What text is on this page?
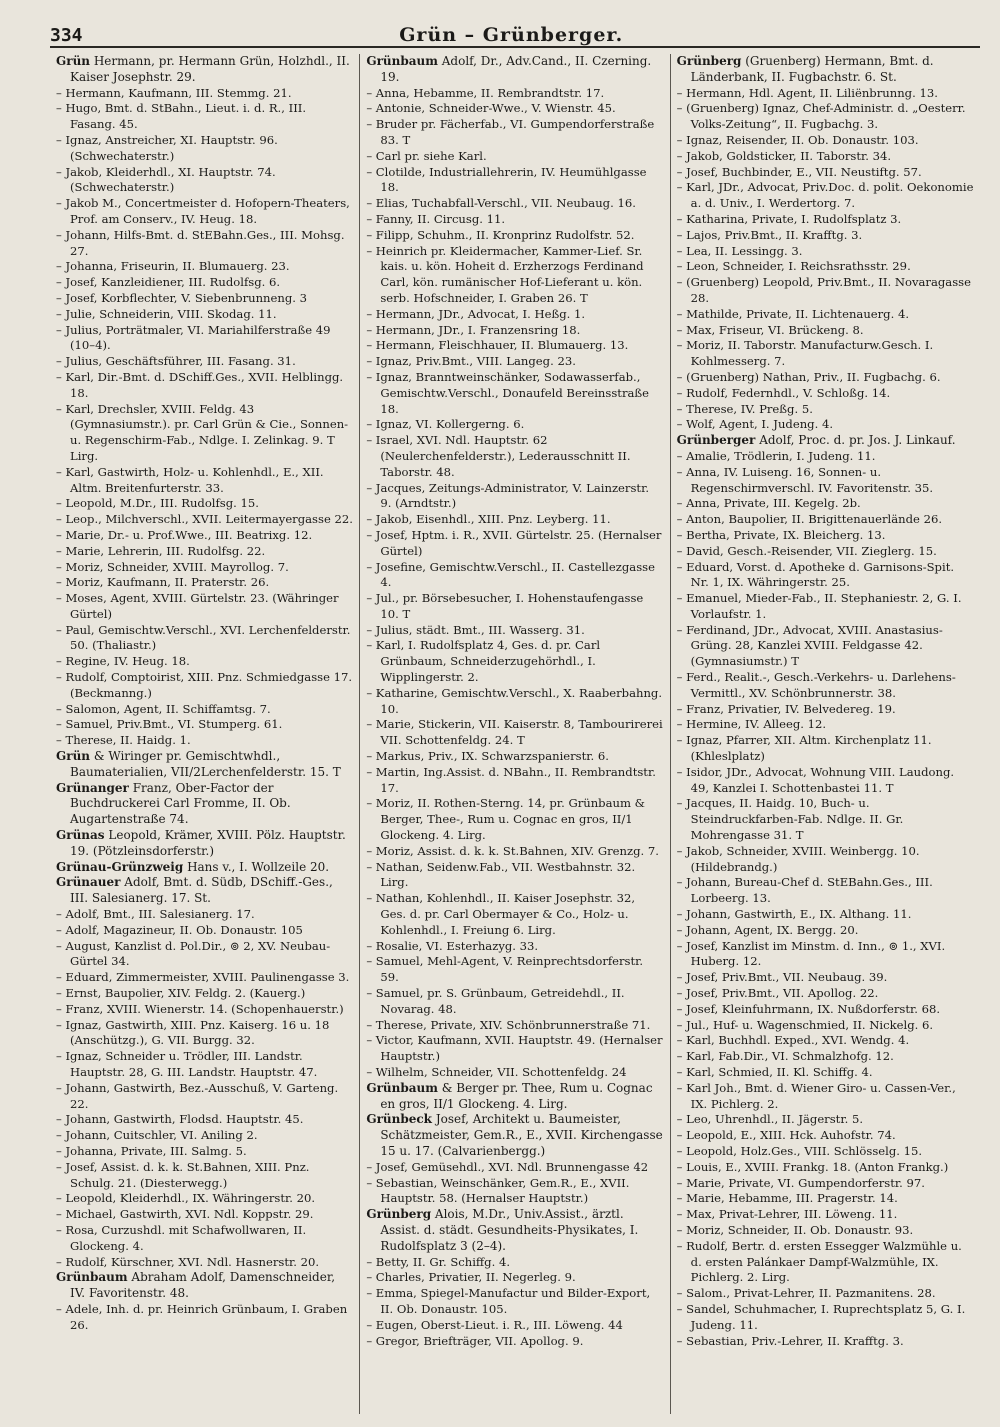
334	Grün – Grünberger.
Grün Hermann, pr. Hermann Grün, Holzhdl., II. Kaiser Josephstr. 29.
– Hermann, Kaufmann, III. Stemmg. 21.
– Hugo, Bmt. d. StBahn., Lieut. i. d. R., III. Fasang. 45.
– Ignaz, Anstreicher, XI. Hauptstr. 96. (Schwechaterstr.)
– Jakob, Kleiderhdl., XI. Hauptstr. 74. (Schwechaterstr.)
– Jakob M., Concertmeister d. Hofopern-Theaters, Prof. am Conserv., IV. Heug. 18.
– Johann, Hilfs-Bmt. d. StEBahn.Ges., III. Mohsg. 27.
– Johanna, Friseurin, II. Blumauerg. 23.
– Josef, Kanzleidiener, III. Rudolfsg. 6.
– Josef, Korbflechter, V. Siebenbrunneng. 3
– Julie, Schneiderin, VIII. Skodag. 11.
– Julius, Porträtmaler, VI. Mariahilferstraße 49 (10–4).
– Julius, Geschäftsführer, III. Fasang. 31.
– Karl, Dir.-Bmt. d. DSchiff.Ges., XVII. Helblingg. 18.
– Karl, Drechsler, XVIII. Feldg. 43 (Gymnasiumstr.). pr. Carl Grün & Cie., Sonnen- u. Regenschirm-Fab., Ndlge. I. Zelinkag. 9. T Lirg.
– Karl, Gastwirth, Holz- u. Kohlenhdl., E., XII. Altm. Breitenfurterstr. 33.
– Leopold, M.Dr., III. Rudolfsg. 15.
– Leop., Milchverschl., XVII. Leitermayergasse 22.
– Marie, Dr.- u. Prof.Wwe., III. Beatrixg. 12.
– Marie, Lehrerin, III. Rudolfsg. 22.
– Moriz, Schneider, XVIII. Mayrollog. 7.
– Moriz, Kaufmann, II. Praterstr. 26.
– Moses, Agent, XVIII. Gürtelstr. 23. (Währinger Gürtel)
– Paul, Gemischtw.Verschl., XVI. Lerchenfelderstr. 50. (Thaliastr.)
– Regine, IV. Heug. 18.
– Rudolf, Comptoirist, XIII. Pnz. Schmiedgasse 17. (Beckmanng.)
– Salomon, Agent, II. Schiffamtsg. 7.
– Samuel, Priv.Bmt., VI. Stumperg. 61.
– Therese, II. Haidg. 1.
Grün & Wiringer pr. Gemischtwhdl., Baumaterialien, VII/2Lerchenfelderstr. 15. T
Grünanger Franz, Ober-Factor der Buchdruckerei Carl Fromme, II. Ob. Augartenstraße 74.
Grünas Leopold, Krämer, XVIII. Pölz. Hauptstr. 19. (Pötzleinsdorferstr.)
Grünau-Grünzweig Hans v., I. Wollzeile 20.
Grünauer Adolf, Bmt. d. Südb, DSchiff.-Ges., III. Salesianerg. 17. St.
– Adolf, Bmt., III. Salesianerg. 17.
– Adolf, Magazineur, II. Ob. Donaustr. 105
– August, Kanzlist d. Pol.Dir., ⊚ 2, XV. Neubau-Gürtel 34.
– Eduard, Zimmermeister, XVIII. Paulinengasse 3.
– Ernst, Baupolier, XIV. Feldg. 2. (Kauerg.)
– Franz, XVIII. Wienerstr. 14. (Schopenhauerstr.)
– Ignaz, Gastwirth, XIII. Pnz. Kaiserg. 16 u. 18 (Anschützg.), G. VII. Burgg. 32.
– Ignaz, Schneider u. Trödler, III. Landstr. Hauptstr. 28, G. III. Landstr. Hauptstr. 47.
– Johann, Gastwirth, Bez.-Ausschuß, V. Garteng. 22.
– Johann, Gastwirth, Flodsd. Hauptstr. 45.
– Johann, Cuitschler, VI. Aniling 2.
– Johanna, Private, III. Salmg. 5.
– Josef, Assist. d. k. k. St.Bahnen, XIII. Pnz. Schulg. 21. (Diesterwegg.)
– Leopold, Kleiderhdl., IX. Währingerstr. 20.
– Michael, Gastwirth, XVI. Ndl. Koppstr. 29.
– Rosa, Curzushdl. mit Schafwollwaren, II. Glockeng. 4.
– Rudolf, Kürschner, XVI. Ndl. Hasnerstr. 20.
Grünbaum Abraham Adolf, Damenschneider, IV. Favoritenstr. 48.
– Adele, Inh. d. pr. Heinrich Grünbaum, I. Graben 26.
Grünbaum Adolf, Dr., Adv.Cand., II. Czerning. 19.
– Anna, Hebamme, II. Rembrandtstr. 17.
– Antonie, Schneider-Wwe., V. Wienstr. 45.
– Bruder pr. Fächerfab., VI. Gumpendorferstraße 83. T
– Carl pr. siehe Karl.
– Clotilde, Industriallehrerin, IV. Heumühlgasse 18.
– Elias, Tuchabfall-Verschl., VII. Neubaug. 16.
– Fanny, II. Circusg. 11.
– Filipp, Schuhm., II. Kronprinz Rudolfstr. 52.
– Heinrich pr. Kleidermacher, Kammer-Lief. Sr. kais. u. kön. Hoheit d. Erzherzogs Ferdinand Carl, kön. rumänischer Hof-Lieferant u. kön. serb. Hofschneider, I. Graben 26. T
– Hermann, JDr., Advocat, I. Heßg. 1.
– Hermann, JDr., I. Franzensring 18.
– Hermann, Fleischhauer, II. Blumauerg. 13.
– Ignaz, Priv.Bmt., VIII. Langeg. 23.
– Ignaz, Branntweinschänker, Sodawasserfab., Gemischtw.Verschl., Donaufeld Bereinsstraße 18.
– Ignaz, VI. Kollergerng. 6.
– Israel, XVI. Ndl. Hauptstr. 62 (Neulerchenfelderstr.), Lederausschnitt II. Taborstr. 48.
– Jacques, Zeitungs-Administrator, V. Lainzerstr. 9. (Arndtstr.)
– Jakob, Eisenhdl., XIII. Pnz. Leyberg. 11.
– Josef, Hptm. i. R., XVII. Gürtelstr. 25. (Hernalser Gürtel)
– Josefine, Gemischtw.Verschl., II. Castellezgasse 4.
– Jul., pr. Börsebesucher, I. Hohenstaufengasse 10. T
– Julius, städt. Bmt., III. Wasserg. 31.
– Karl, I. Rudolfsplatz 4, Ges. d. pr. Carl Grünbaum, Schneiderzugehörhdl., I. Wipplingerstr. 2.
– Katharine, Gemischtw.Verschl., X. Raaberbahng. 10.
– Marie, Stickerin, VII. Kaiserstr. 8, Tambourirerei VII. Schottenfeldg. 24. T
– Markus, Priv., IX. Schwarzspanierstr. 6.
– Martin, Ing.Assist. d. NBahn., II. Rembrandtstr. 17.
– Moriz, II. Rothen-Sterng. 14, pr. Grünbaum & Berger, Thee-, Rum u. Cognac en gros, II/1 Glockeng. 4. Lirg.
– Moriz, Assist. d. k. k. St.Bahnen, XIV. Grenzg. 7.
– Nathan, Seidenw.Fab., VII. Westbahnstr. 32. Lirg.
– Nathan, Kohlenhdl., II. Kaiser Josephstr. 32, Ges. d. pr. Carl Obermayer & Co., Holz- u. Kohlenhdl., I. Freiung 6. Lirg.
– Rosalie, VI. Esterhazyg. 33.
– Samuel, Mehl-Agent, V. Reinprechtsdorferstr. 59.
– Samuel, pr. S. Grünbaum, Getreidehdl., II. Novarag. 48.
– Therese, Private, XIV. Schönbrunnerstraße 71.
– Victor, Kaufmann, XVII. Hauptstr. 49. (Hernalser Hauptstr.)
– Wilhelm, Schneider, VII. Schottenfeldg. 24
Grünbaum & Berger pr. Thee, Rum u. Cognac en gros, II/1 Glockeng. 4. Lirg.
Grünbeck Josef, Architekt u. Baumeister, Schätzmeister, Gem.R., E., XVII. Kirchengasse 15 u. 17. (Calvarienbergg.)
– Josef, Gemüsehdl., XVI. Ndl. Brunnengasse 42
– Sebastian, Weinschänker, Gem.R., E., XVII. Hauptstr. 58. (Hernalser Hauptstr.)
Grünberg Alois, M.Dr., Univ.Assist., ärztl. Assist. d. städt. Gesundheits-Physikates, I. Rudolfsplatz 3 (2–4).
– Betty, II. Gr. Schiffg. 4.
– Charles, Privatier, II. Negerleg. 9.
– Emma, Spiegel-Manufactur und Bilder-Export, II. Ob. Donaustr. 105.
– Eugen, Oberst-Lieut. i. R., III. Löweng. 44
– Gregor, Briefträger, VII. Apollog. 9.
Grünberg (Gruenberg) Hermann, Bmt. d. Länderbank, II. Fugbachstr. 6. St.
– Hermann, Hdl. Agent, II. Liliënbrunng. 13.
– (Gruenberg) Ignaz, Chef-Administr. d. „Oesterr. Volks-Zeitung“, II. Fugbachg. 3.
– Ignaz, Reisender, II. Ob. Donaustr. 103.
– Jakob, Goldsticker, II. Taborstr. 34.
– Josef, Buchbinder, E., VII. Neustiftg. 57.
– Karl, JDr., Advocat, Priv.Doc. d. polit. Oekonomie a. d. Univ., I. Werdertorg. 7.
– Katharina, Private, I. Rudolfsplatz 3.
– Lajos, Priv.Bmt., II. Krafftg. 3.
– Lea, II. Lessingg. 3.
– Leon, Schneider, I. Reichsrathsstr. 29.
– (Gruenberg) Leopold, Priv.Bmt., II. Novaragasse 28.
– Mathilde, Private, II. Lichtenauerg. 4.
– Max, Friseur, VI. Brückeng. 8.
– Moriz, II. Taborstr. Manufacturw.Gesch. I. Kohlmesserg. 7.
– (Gruenberg) Nathan, Priv., II. Fugbachg. 6.
– Rudolf, Federnhdl., V. Schloßg. 14.
– Therese, IV. Preßg. 5.
– Wolf, Agent, I. Judeng. 4.
Grünberger Adolf, Proc. d. pr. Jos. J. Linkauf.
– Amalie, Trödlerin, I. Judeng. 11.
– Anna, IV. Luiseng. 16, Sonnen- u. Regenschirmverschl. IV. Favoritenstr. 35.
– Anna, Private, III. Kegelg. 2b.
– Anton, Baupolier, II. Brigittenauerlände 26.
– Bertha, Private, IX. Bleicherg. 13.
– David, Gesch.-Reisender, VII. Zieglerg. 15.
– Eduard, Vorst. d. Apotheke d. Garnisons-Spit. Nr. 1, IX. Währingerstr. 25.
– Emanuel, Mieder-Fab., II. Stephaniestr. 2, G. I. Vorlaufstr. 1.
– Ferdinand, JDr., Advocat, XVIII. Anastasius-Grüng. 28, Kanzlei XVIII. Feldgasse 42. (Gymnasiumstr.) T
– Ferd., Realit.-, Gesch.-Verkehrs- u. Darlehens-Vermittl., XV. Schönbrunnerstr. 38.
– Franz, Privatier, IV. Belvedereg. 19.
– Hermine, IV. Alleeg. 12.
– Ignaz, Pfarrer, XII. Altm. Kirchenplatz 11. (Khleslplatz)
– Isidor, JDr., Advocat, Wohnung VIII. Laudong. 49, Kanzlei I. Schottenbastei 11. T
– Jacques, II. Haidg. 10, Buch- u. Steindruckfarben-Fab. Ndlge. II. Gr. Mohrengasse 31. T
– Jakob, Schneider, XVIII. Weinbergg. 10. (Hildebrandg.)
– Johann, Bureau-Chef d. StEBahn.Ges., III. Lorbeerg. 13.
– Johann, Gastwirth, E., IX. Althang. 11.
– Johann, Agent, IX. Bergg. 20.
– Josef, Kanzlist im Minstm. d. Inn., ⊚ 1., XVI. Huberg. 12.
– Josef, Priv.Bmt., VII. Neubaug. 39.
– Josef, Priv.Bmt., VII. Apollog. 22.
– Josef, Kleinfuhrmann, IX. Nußdorferstr. 68.
– Jul., Huf- u. Wagenschmied, II. Nickelg. 6.
– Karl, Buchhdl. Exped., XVI. Wendg. 4.
– Karl, Fab.Dir., VI. Schmalzhofg. 12.
– Karl, Schmied, II. Kl. Schiffg. 4.
– Karl Joh., Bmt. d. Wiener Giro- u. Cassen-Ver., IX. Pichlerg. 2.
– Leo, Uhrenhdl., II. Jägerstr. 5.
– Leopold, E., XIII. Hck. Auhofstr. 74.
– Leopold, Holz.Ges., VIII. Schlösselg. 15.
– Louis, E., XVIII. Frankg. 18. (Anton Frankg.)
– Marie, Private, VI. Gumpendorferstr. 97.
– Marie, Hebamme, III. Pragerstr. 14.
– Max, Privat-Lehrer, III. Löweng. 11.
– Moriz, Schneider, II. Ob. Donaustr. 93.
– Rudolf, Bertr. d. ersten Essegger Walzmühle u. d. ersten Palánkaer Dampf-Walzmühle, IX. Pichlerg. 2. Lirg.
– Salom., Privat-Lehrer, II. Pazmanitens. 28.
– Sandel, Schuhmacher, I. Ruprechtsplatz 5, G. I. Judeng. 11.
– Sebastian, Priv.-Lehrer, II. Krafftg. 3.
